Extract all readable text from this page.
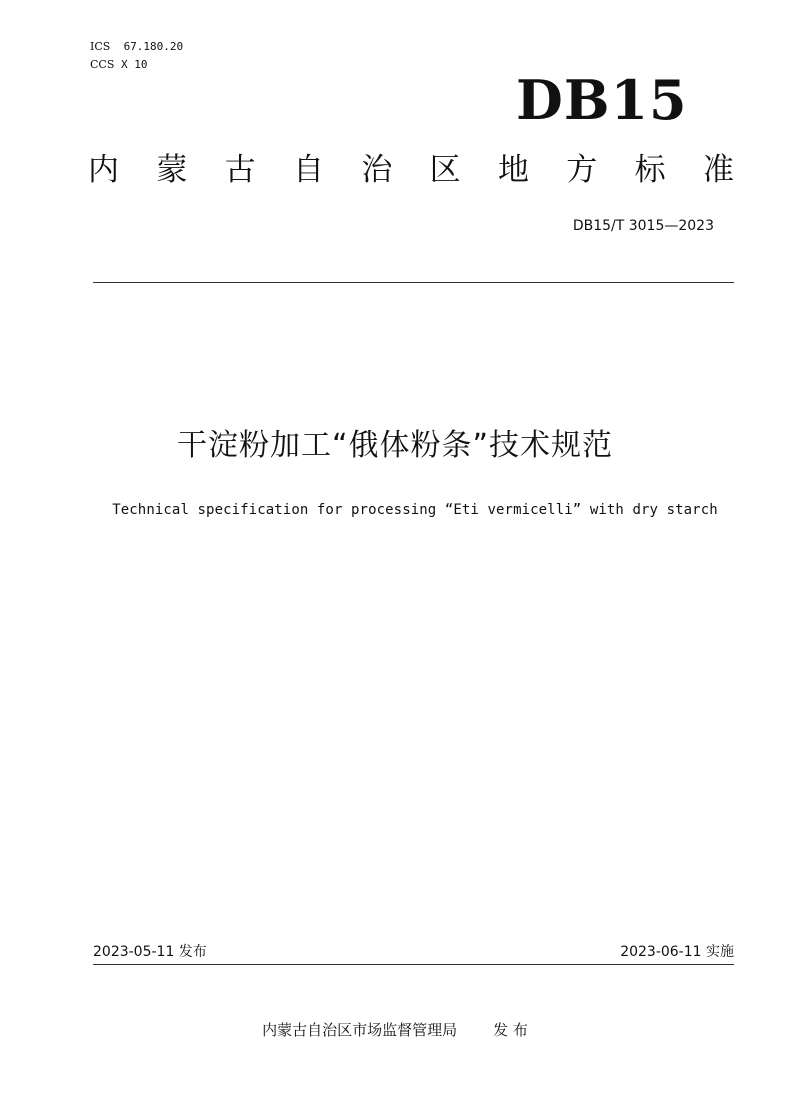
ICS 67.180.20
CCS X 10
DB15
内 蒙 古 自 治 区 地 方 标 准
DB15/T 3015—2023
干淀粉加工“俄体粉条”技术规范
Technical specification for processing “Eti vermicelli” with dry starch
2023-05-11 发布	2023-06-11 实施
内蒙古自治区市场监督管理局 发 布
